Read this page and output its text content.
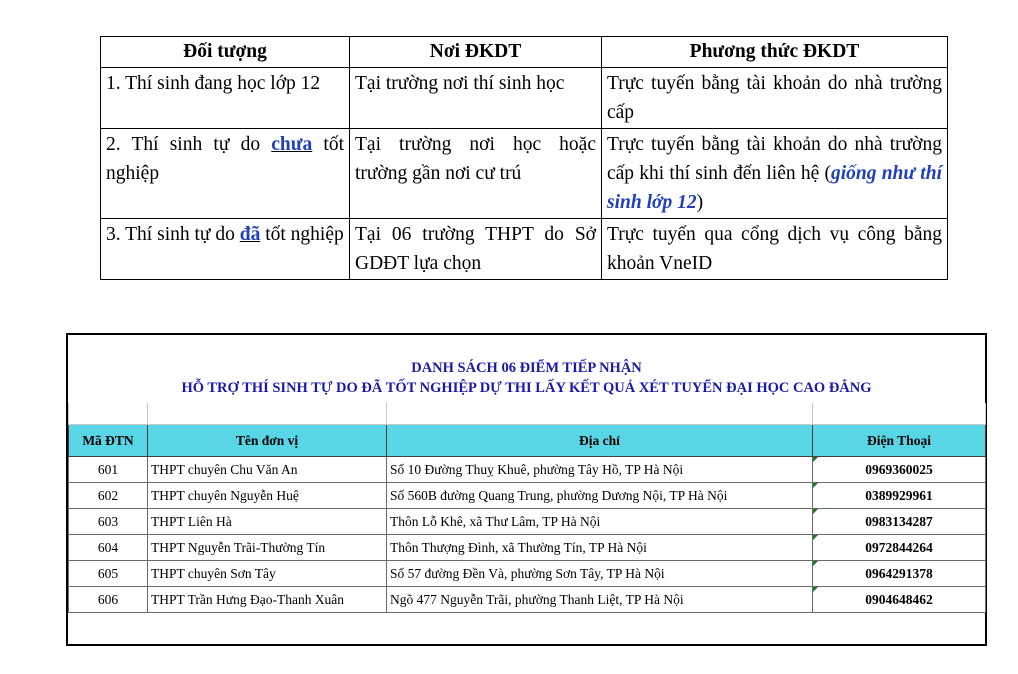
Đối tượng	Nơi ĐKDT	Phương thức ĐKDT
1. Thí sinh đang học lớp 12	Tại trường nơi thí sinh học	Trực tuyến bằng tài khoản do nhà trường cấp
2. Thí sinh tự do chưa tốt nghiệp	Tại trường nơi học hoặc trường gần nơi cư trú	Trực tuyến bằng tài khoản do nhà trường cấp khi thí sinh đến liên hệ (giống như thí sinh lớp 12)
3. Thí sinh tự do đã tốt nghiệp	Tại 06 trường THPT do Sở GDĐT lựa chọn	Trực tuyến qua cổng dịch vụ công bằng khoản VneID
DANH SÁCH 06 ĐIỂM TIẾP NHẬN
HỖ TRỢ THÍ SINH TỰ DO ĐÃ TỐT NGHIỆP DỰ THI LẤY KẾT QUẢ XÉT TUYỂN ĐẠI HỌC CAO ĐẲNG

Mã ĐTN	Tên đơn vị	Địa chỉ	Điện Thoại
601	THPT chuyên Chu Văn An	Số 10 Đường Thuỵ Khuê, phường Tây Hồ, TP Hà Nội	0969360025
602	THPT chuyên Nguyễn Huệ	Số 560B đường Quang Trung, phường Dương Nội, TP Hà Nội	0389929961
603	THPT Liên Hà	Thôn Lỗ Khê, xã Thư Lâm, TP Hà Nội	0983134287
604	THPT Nguyễn Trãi-Thường Tín	Thôn Thượng Đình, xã Thường Tín, TP Hà Nội	0972844264
605	THPT chuyên Sơn Tây	Số 57 đường Đền Và, phường Sơn Tây, TP Hà Nội	0964291378
606	THPT Trần Hưng Đạo-Thanh Xuân	Ngõ 477 Nguyễn Trãi, phường Thanh Liệt, TP Hà Nội	0904648462
